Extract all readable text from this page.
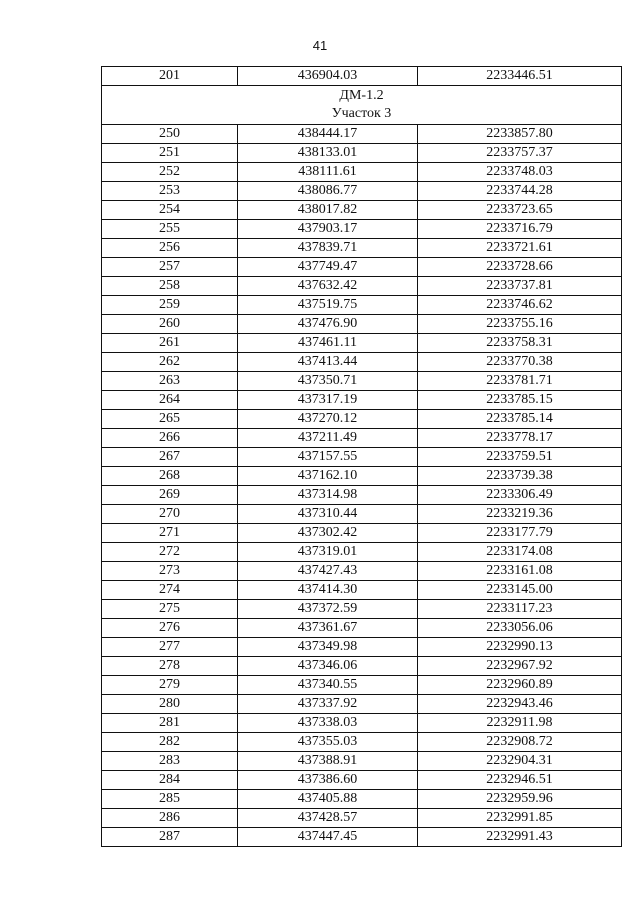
41
201	436904.03	2233446.51

ДМ-1.2
Участок 3		

250	438444.17	2233857.80
251	438133.01	2233757.37
252	438111.61	2233748.03
253	438086.77	2233744.28
254	438017.82	2233723.65
255	437903.17	2233716.79
256	437839.71	2233721.61
257	437749.47	2233728.66
258	437632.42	2233737.81
259	437519.75	2233746.62
260	437476.90	2233755.16
261	437461.11	2233758.31
262	437413.44	2233770.38
263	437350.71	2233781.71
264	437317.19	2233785.15
265	437270.12	2233785.14
266	437211.49	2233778.17
267	437157.55	2233759.51
268	437162.10	2233739.38
269	437314.98	2233306.49
270	437310.44	2233219.36
271	437302.42	2233177.79
272	437319.01	2233174.08
273	437427.43	2233161.08
274	437414.30	2233145.00
275	437372.59	2233117.23
276	437361.67	2233056.06
277	437349.98	2232990.13
278	437346.06	2232967.92
279	437340.55	2232960.89
280	437337.92	2232943.46
281	437338.03	2232911.98
282	437355.03	2232908.72
283	437388.91	2232904.31
284	437386.60	2232946.51
285	437405.88	2232959.96
286	437428.57	2232991.85
287	437447.45	2232991.43
